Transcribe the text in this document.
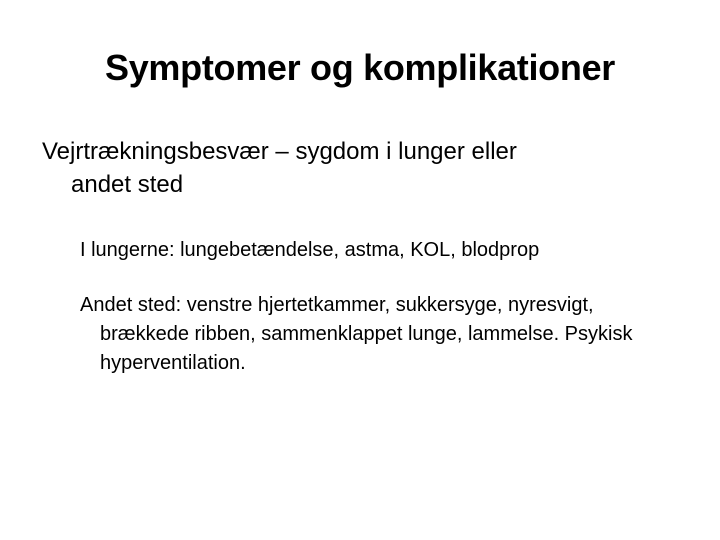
Symptomer og komplikationer

Vejrtrækningsbesvær – sygdom i lunger eller
andet sted

I lungerne: lungebetændelse, astma, KOL, blodprop

Andet sted: venstre hjertetkammer, sukkersyge, nyresvigt, brækkede ribben, sammenklappet lunge, lammelse. Psykisk hyperventilation.
